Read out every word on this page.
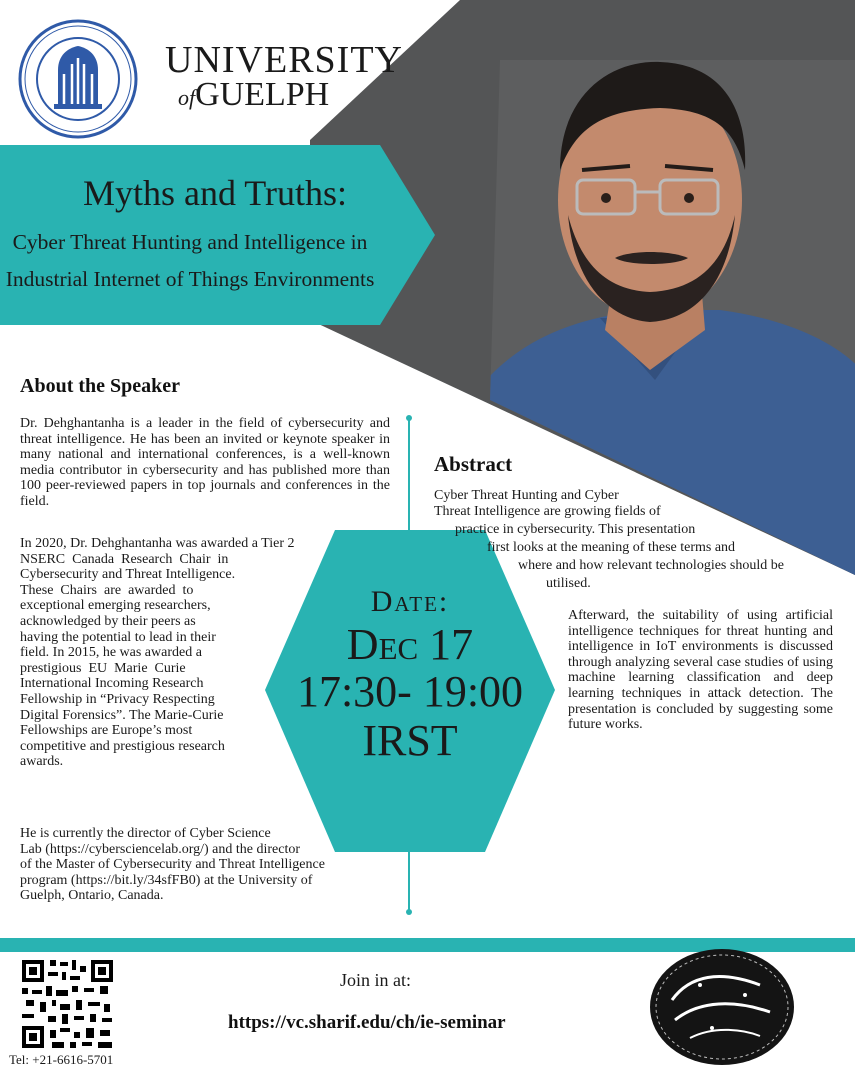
UNIVERSITY
ofGUELPH
Myths and Truths:
Cyber Threat Hunting and Intelligence in
Industrial Internet of Things Environments
About the Speaker
Dr. Dehghantanha is a leader in the field of cybersecurity and threat intelligence. He has been an invited or keynote speaker in many national and international conferences, is a well-known media contributor in cybersecurity and has published more than 100 peer-reviewed papers in top journals and conferences in the field.
In 2020, Dr. Dehghantanha was awarded a Tier 2
NSERC  Canada  Research  Chair  in
Cybersecurity and Threat Intelligence.
These  Chairs  are  awarded  to
exceptional emerging researchers,
acknowledged by their peers as
having the potential to lead in their
field. In 2015, he was awarded a
prestigious  EU  Marie  Curie
International Incoming Research
Fellowship in “Privacy Respecting
Digital Forensics”. The Marie-Curie
Fellowships are Europe’s most
competitive and prestigious research
awards.
He is currently the director of Cyber Science
Lab (https://cybersciencelab.org/) and the director
of the Master of Cybersecurity and Threat Intelligence
program (https://bit.ly/34sfFB0) at the University of
Guelph, Ontario, Canada.
Abstract
Cyber Threat Hunting and Cyber
Threat Intelligence are growing fields of
practice in cybersecurity. This presentation
first looks at the meaning of these terms and
where and how relevant technologies should be
utilised.
Afterward, the suitability of using artificial intelligence techniques for threat hunting and intelligence in IoT environments is discussed through analyzing several case studies of using machine learning classification and deep learning techniques in attack detection. The presentation is concluded by suggesting some future works.
Date:
Dec 17
17:30- 19:00
IRST
Join in at:
https://vc.sharif.edu/ch/ie-seminar
Tel: +21-6616-5701
